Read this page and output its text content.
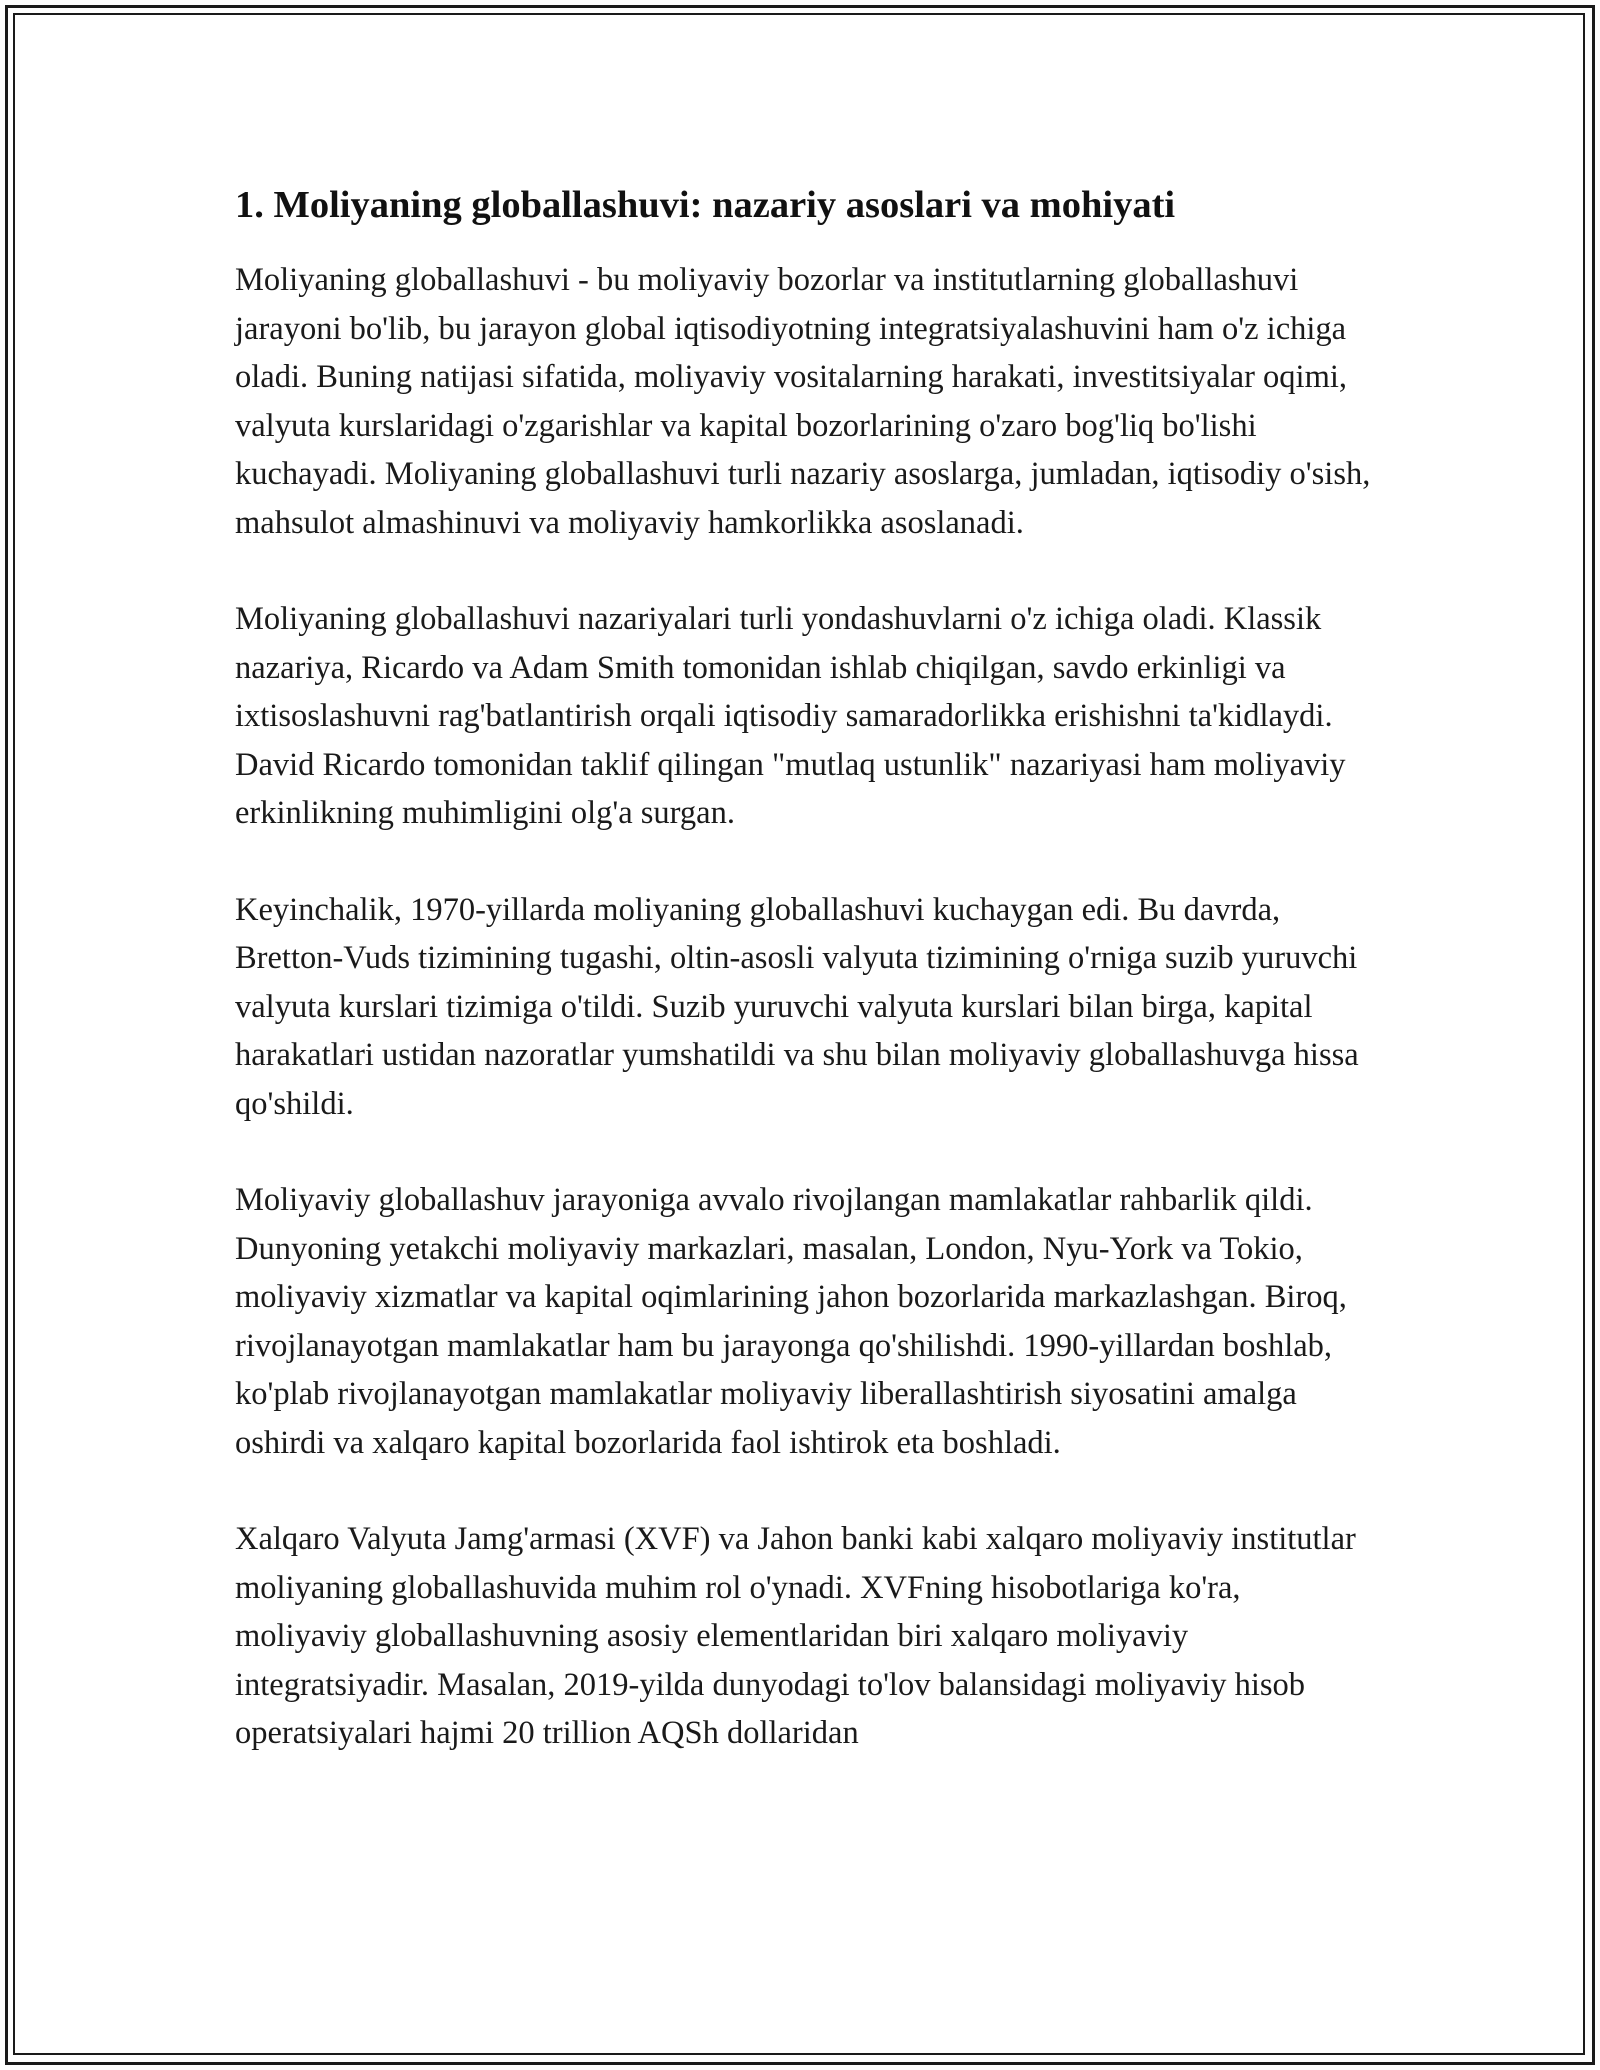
1. Moliyaning globallashuvi: nazariy asoslari va mohiyati

Moliyaning globallashuvi - bu moliyaviy bozorlar va institutlarning globallashuvi jarayoni bo'lib, bu jarayon global iqtisodiyotning integratsiyalashuvini ham o'z ichiga oladi. Buning natijasi sifatida, moliyaviy vositalarning harakati, investitsiyalar oqimi, valyuta kurslaridagi o'zgarishlar va kapital bozorlarining o'zaro bog'liq bo'lishi kuchayadi. Moliyaning globallashuvi turli nazariy asoslarga, jumladan, iqtisodiy o'sish, mahsulot almashinuvi va moliyaviy hamkorlikka asoslanadi.

Moliyaning globallashuvi nazariyalari turli yondashuvlarni o'z ichiga oladi. Klassik nazariya, Ricardo va Adam Smith tomonidan ishlab chiqilgan, savdo erkinligi va ixtisoslashuvni rag'batlantirish orqali iqtisodiy samaradorlikka erishishni ta'kidlaydi. David Ricardo tomonidan taklif qilingan "mutlaq ustunlik" nazariyasi ham moliyaviy erkinlikning muhimligini olg'a surgan.

Keyinchalik, 1970-yillarda moliyaning globallashuvi kuchaygan edi. Bu davrda, Bretton-Vuds tizimining tugashi, oltin-asosli valyuta tizimining o'rniga suzib yuruvchi valyuta kurslari tizimiga o'tildi. Suzib yuruvchi valyuta kurslari bilan birga, kapital harakatlari ustidan nazoratlar yumshatildi va shu bilan moliyaviy globallashuvga hissa qo'shildi.

Moliyaviy globallashuv jarayoniga avvalo rivojlangan mamlakatlar rahbarlik qildi. Dunyoning yetakchi moliyaviy markazlari, masalan, London, Nyu-York va Tokio, moliyaviy xizmatlar va kapital oqimlarining jahon bozorlarida markazlashgan. Biroq, rivojlanayotgan mamlakatlar ham bu jarayonga qo'shilishdi. 1990-yillardan boshlab, ko'plab rivojlanayotgan mamlakatlar moliyaviy liberallashtirish siyosatini amalga oshirdi va xalqaro kapital bozorlarida faol ishtirok eta boshladi.

Xalqaro Valyuta Jamg'armasi (XVF) va Jahon banki kabi xalqaro moliyaviy institutlar moliyaning globallashuvida muhim rol o'ynadi. XVFning hisobotlariga ko'ra, moliyaviy globallashuvning asosiy elementlaridan biri xalqaro moliyaviy integratsiyadir. Masalan, 2019-yilda dunyodagi to'lov balansidagi moliyaviy hisob operatsiyalari hajmi 20 trillion AQSh dollaridan
